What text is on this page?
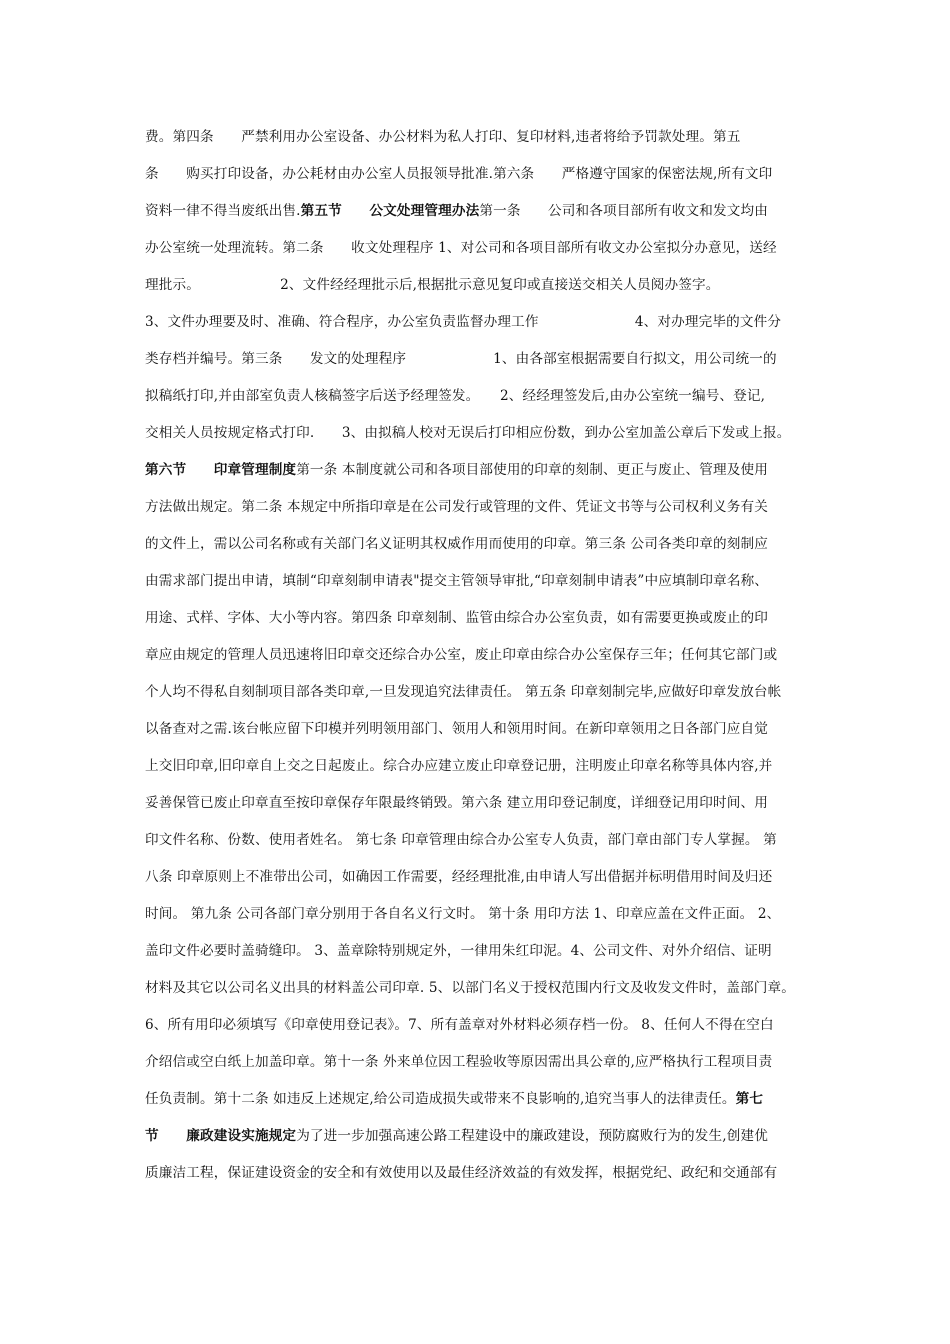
费。第四条　　严禁利用办公室设备、办公材料为私人打印、复印材料,违者将给予罚款处理。第五
条　　购买打印设备，办公耗材由办公室人员报领导批准.第六条　　严格遵守国家的保密法规,所有文印
资料一律不得当废纸出售.第五节　　公文处理管理办法第一条　　公司和各项目部所有收文和发文均由
办公室统一处理流转。第二条　　收文处理程序 1、对公司和各项目部所有收文办公室拟分办意见，送经
理批示。　　　　　　 2、文件经经理批示后,根据批示意见复印或直接送交相关人员阅办签字。
3、文件办理要及时、准确、符合程序，办公室负责监督办理工作　　　　　　　4、对办理完毕的文件分
类存档并编号。第三条　　发文的处理程序　　　　　　 1、由各部室根据需要自行拟文，用公司统一的
拟稿纸打印,并由部室负责人核稿签字后送予经理签发。　　2、经经理签发后,由办公室统一编号、登记,
交相关人员按规定格式打印.　　3、由拟稿人校对无误后打印相应份数，到办公室加盖公章后下发或上报。
第六节　　印章管理制度第一条 本制度就公司和各项目部使用的印章的刻制、更正与废止、管理及使用
方法做出规定。第二条 本规定中所指印章是在公司发行或管理的文件、凭证文书等与公司权利义务有关
的文件上，需以公司名称或有关部门名义证明其权威作用而使用的印章。第三条 公司各类印章的刻制应
由需求部门提出申请，填制“印章刻制申请表"提交主管领导审批,“印章刻制申请表”中应填制印章名称、
用途、式样、字体、大小等内容。第四条 印章刻制、监管由综合办公室负责，如有需要更换或废止的印
章应由规定的管理人员迅速将旧印章交还综合办公室，废止印章由综合办公室保存三年；任何其它部门或
个人均不得私自刻制项目部各类印章,一旦发现追究法律责任。 第五条 印章刻制完毕,应做好印章发放台帐
以备查对之需.该台帐应留下印模并列明领用部门、领用人和领用时间。在新印章领用之日各部门应自觉
上交旧印章,旧印章自上交之日起废止。综合办应建立废止印章登记册，注明废止印章名称等具体内容,并
妥善保管已废止印章直至按印章保存年限最终销毁。第六条 建立用印登记制度，详细登记用印时间、用
印文件名称、份数、使用者姓名。 第七条 印章管理由综合办公室专人负责，部门章由部门专人掌握。 第
八条 印章原则上不准带出公司，如确因工作需要，经经理批准,由申请人写出借据并标明借用时间及归还
时间。 第九条 公司各部门章分别用于各自名义行文时。 第十条 用印方法 1、印章应盖在文件正面。 2、
盖印文件必要时盖骑缝印。 3、盖章除特别规定外，一律用朱红印泥。4、公司文件、对外介绍信、证明
材料及其它以公司名义出具的材料盖公司印章. 5、以部门名义于授权范围内行文及收发文件时，盖部门章。
6、所有用印必须填写《印章使用登记表》。7、所有盖章对外材料必须存档一份。 8、任何人不得在空白
介绍信或空白纸上加盖印章。第十一条 外来单位因工程验收等原因需出具公章的,应严格执行工程项目责
任负责制。第十二条 如违反上述规定,给公司造成损失或带来不良影响的,追究当事人的法律责任。第七
节　　廉政建设实施规定为了进一步加强高速公路工程建设中的廉政建设，预防腐败行为的发生,创建优
质廉洁工程，保证建设资金的安全和有效使用以及最佳经济效益的有效发挥，根据党纪、政纪和交通部有
